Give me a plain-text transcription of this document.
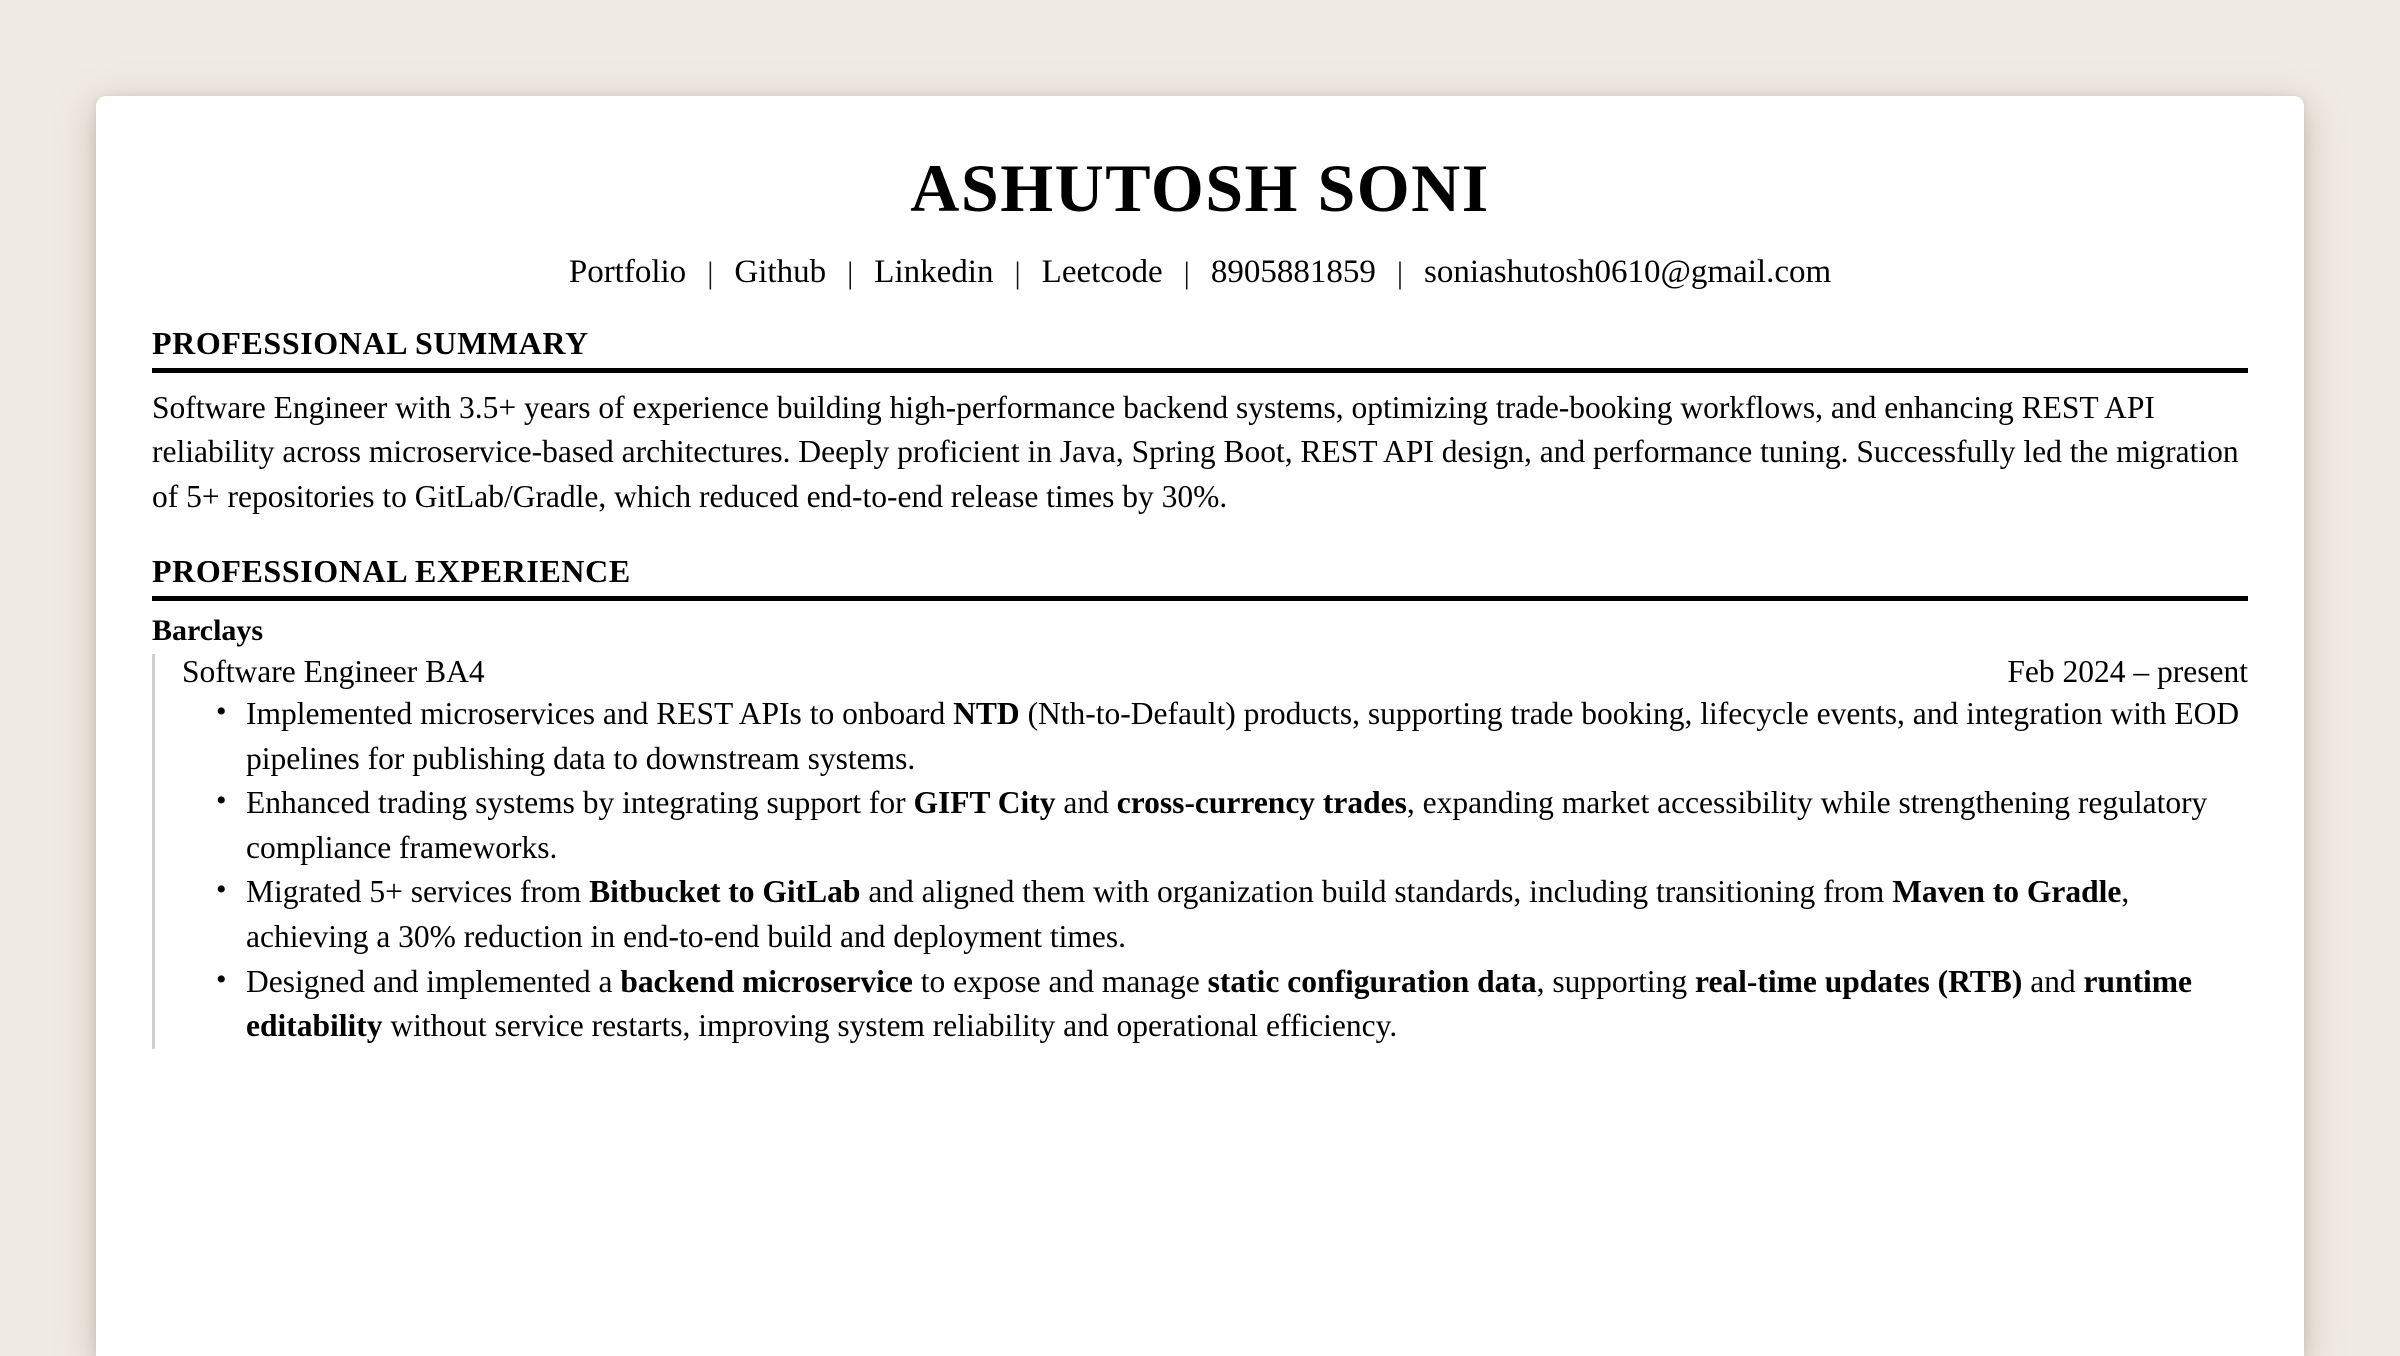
ASHUTOSH SONI
Portfolio | Github | Linkedin | Leetcode | 8905881859 | soniashutosh0610@gmail.com
PROFESSIONAL SUMMARY

Software Engineer with 3.5+ years of experience building high-performance backend systems, optimizing trade-booking workflows, and enhancing REST API reliability across microservice-based architectures. Deeply proficient in Java, Spring Boot, REST API design, and performance tuning. Successfully led the migration of 5+ repositories to GitLab/Gradle, which reduced end-to-end release times by 30%.

PROFESSIONAL EXPERIENCE
Barclays
Software Engineer BA4	Feb 2024 – present
• Implemented microservices and REST APIs to onboard NTD (Nth-to-Default) products, supporting trade booking, lifecycle events, and integration with EOD pipelines for publishing data to downstream systems.
• Enhanced trading systems by integrating support for GIFT City and cross-currency trades, expanding market accessibility while strengthening regulatory compliance frameworks.
• Migrated 5+ services from Bitbucket to GitLab and aligned them with organization build standards, including transitioning from Maven to Gradle, achieving a 30% reduction in end-to-end build and deployment times.
• Designed and implemented a backend microservice to expose and manage static configuration data, supporting real-time updates (RTB) and runtime editability without service restarts, improving system reliability and operational efficiency.
